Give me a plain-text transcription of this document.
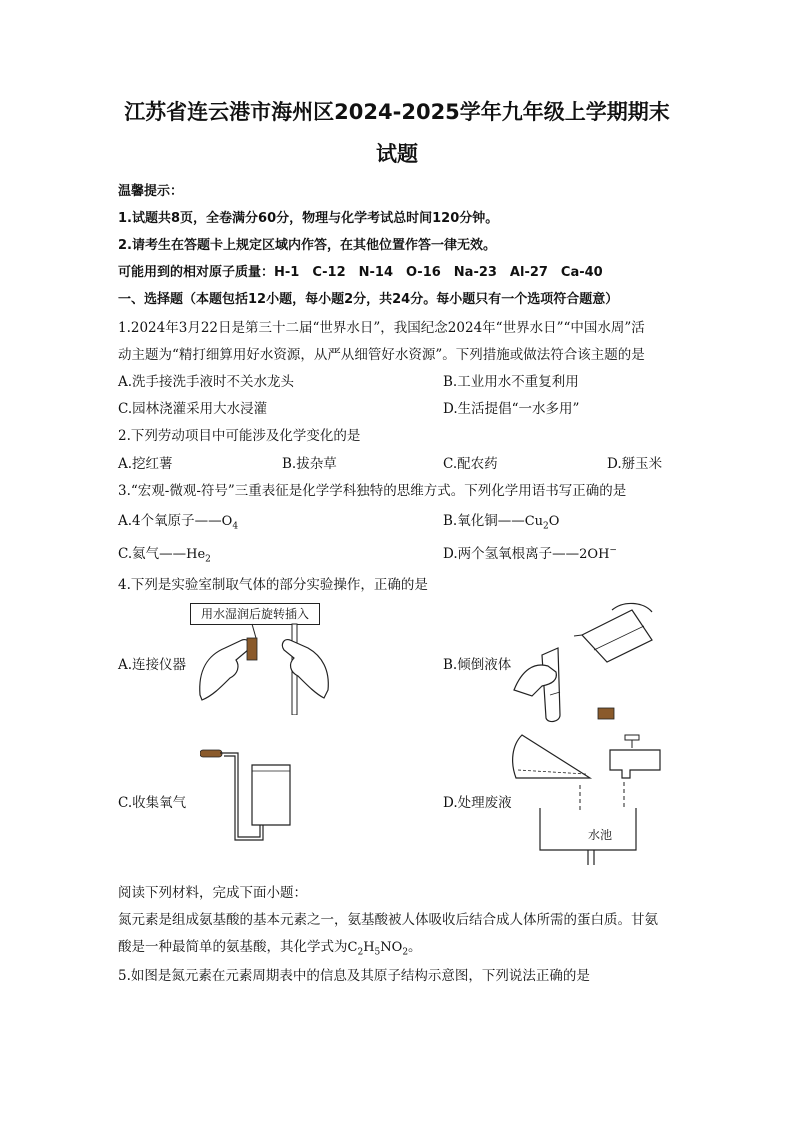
江苏省连云港市海州区2024-2025学年九年级上学期期末
试题
温馨提示：
1.试题共8页，全卷满分60分，物理与化学考试总时间120分钟。
2.请考生在答题卡上规定区域内作答，在其他位置作答一律无效。
可能用到的相对原子质量：H-1　C-12　N-14　O-16　Na-23　Al-27　Ca-40
一、选择题（本题包括12小题，每小题2分，共24分。每小题只有一个选项符合题意）
1.2024年3月22日是第三十二届“世界水日”，我国纪念2024年“世界水日”“中国水周”活
动主题为“精打细算用好水资源，从严从细管好水资源”。下列措施或做法符合该主题的是
A.洗手接洗手液时不关水龙头	B.工业用水不重复利用
C.园林浇灌采用大水浸灌	D.生活提倡“一水多用”
2.下列劳动项目中可能涉及化学变化的是
A.挖红薯	B.拔杂草	C.配农药	D.掰玉米
3.“宏观-微观-符号”三重表征是化学学科独特的思维方式。下列化学用语书写正确的是
A.4个氧原子$——O_4$	B.氧化铜$——Cu_2O$
C.氦气$——He_2$	D.两个氢氧根离子——2OH−
4.下列是实验室制取气体的部分实验操作，正确的是
A.连接仪器	B.倾倒液体
C.收集氧气	D.处理废液
用水湿润后旋转插入
水池
阅读下列材料，完成下面小题：
氮元素是组成氨基酸的基本元素之一，氨基酸被人体吸收后结合成人体所需的蛋白质。甘氨
酸是一种最简单的氨基酸，其化学式为$C_2H_5NO_2$。
5.如图是氮元素在元素周期表中的信息及其原子结构示意图，下列说法正确的是
